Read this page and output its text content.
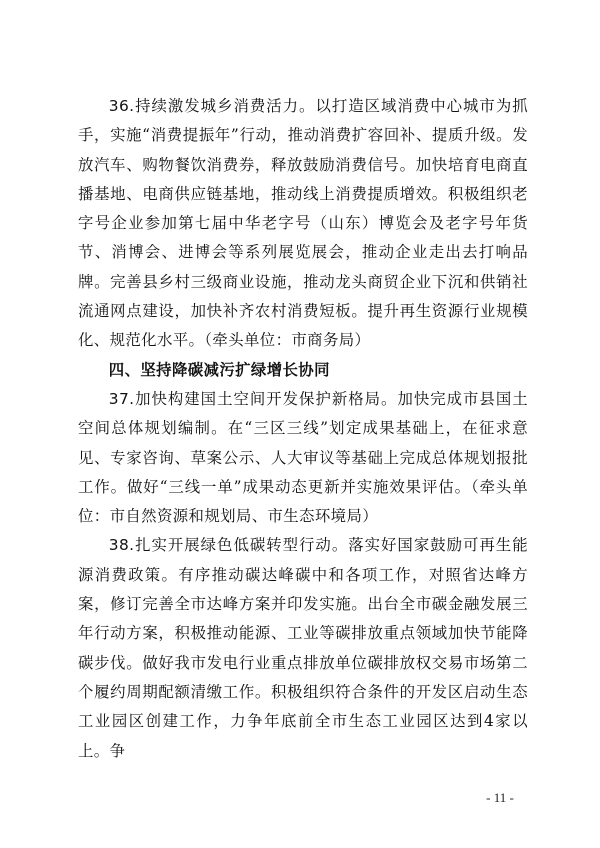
36.持续激发城乡消费活力。以打造区域消费中心城市为抓手，实施“消费提振年”行动，推动消费扩容回补、提质升级。发放汽车、购物餐饮消费券，释放鼓励消费信号。加快培育电商直播基地、电商供应链基地，推动线上消费提质增效。积极组织老字号企业参加第七届中华老字号（山东）博览会及老字号年货节、消博会、进博会等系列展览展会，推动企业走出去打响品牌。完善县乡村三级商业设施，推动龙头商贸企业下沉和供销社流通网点建设，加快补齐农村消费短板。提升再生资源行业规模化、规范化水平。（牵头单位：市商务局）

四、坚持降碳减污扩绿增长协同

37.加快构建国土空间开发保护新格局。加快完成市县国土空间总体规划编制。在“三区三线”划定成果基础上，在征求意见、专家咨询、草案公示、人大审议等基础上完成总体规划报批工作。做好“三线一单”成果动态更新并实施效果评估。（牵头单位：市自然资源和规划局、市生态环境局）

38.扎实开展绿色低碳转型行动。落实好国家鼓励可再生能源消费政策。有序推动碳达峰碳中和各项工作，对照省达峰方案，修订完善全市达峰方案并印发实施。出台全市碳金融发展三年行动方案，积极推动能源、工业等碳排放重点领域加快节能降碳步伐。做好我市发电行业重点排放单位碳排放权交易市场第二个履约周期配额清缴工作。积极组织符合条件的开发区启动生态工业园区创建工作，力争年底前全市生态工业园区达到4家以上。争

- 11 -
